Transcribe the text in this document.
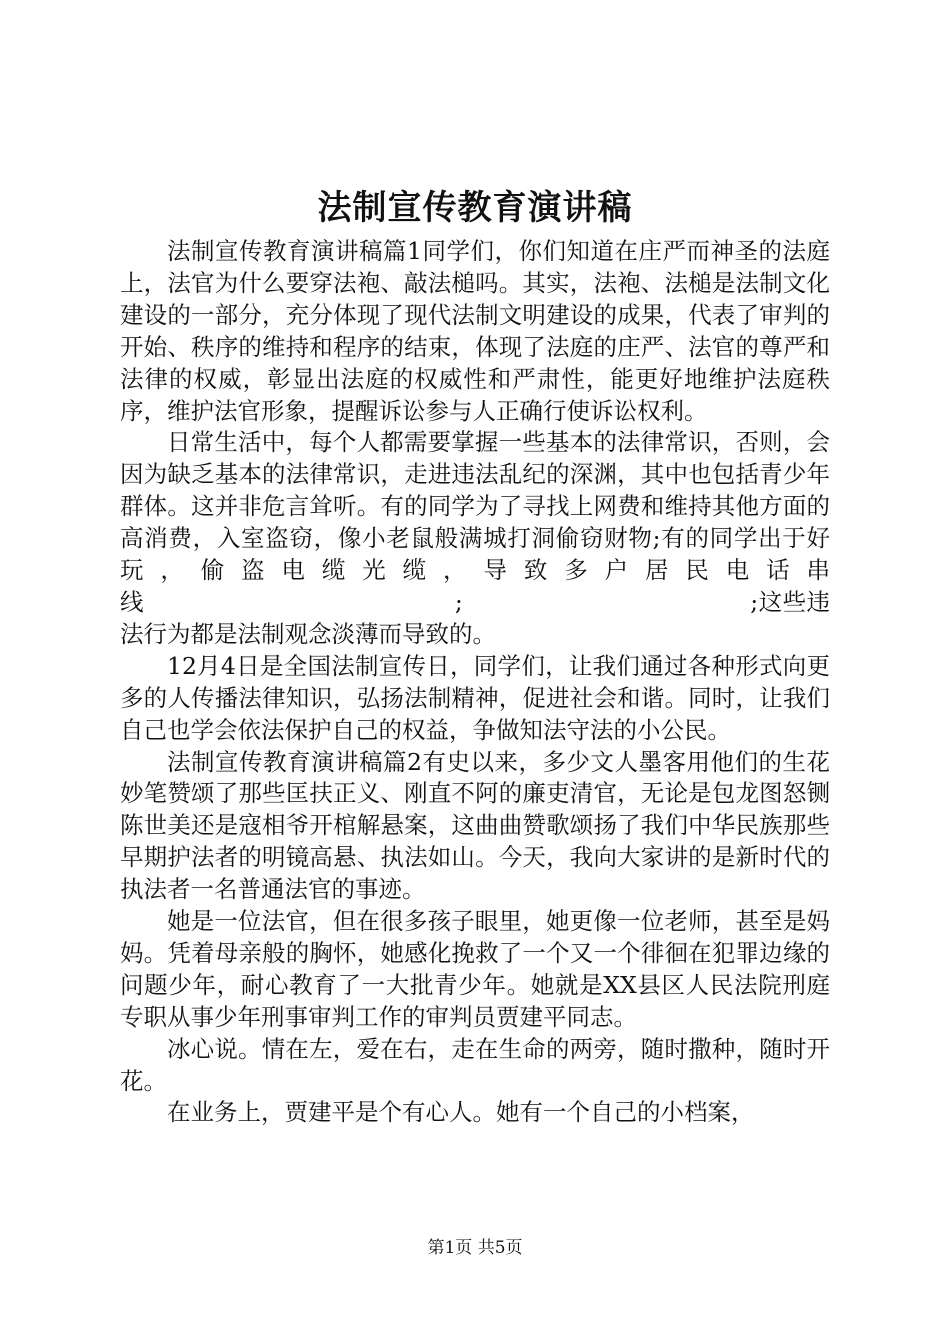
法制宣传教育演讲稿

法制宣传教育演讲稿篇1同学们，你们知道在庄严而神圣的法庭上，法官为什么要穿法袍、敲法槌吗。其实，法袍、法槌是法制文化建设的一部分，充分体现了现代法制文明建设的成果，代表了审判的开始、秩序的维持和程序的结束，体现了法庭的庄严、法官的尊严和法律的权威，彰显出法庭的权威性和严肃性，能更好地维护法庭秩序，维护法官形象，提醒诉讼参与人正确行使诉讼权利。

日常生活中，每个人都需要掌握一些基本的法律常识，否则，会因为缺乏基本的法律常识，走进违法乱纪的深渊，其中也包括青少年群体。这并非危言耸听。有的同学为了寻找上网费和维持其他方面的高消费，入室盗窃，像小老鼠般满城打洞偷窃财物;有的同学出于好玩，偷盗电缆光缆，导致多户居民电话串线　　　　　　　　　　　　　;　　　　　　　　　　　　;这些违法行为都是法制观念淡薄而导致的。

12月4日是全国法制宣传日，同学们，让我们通过各种形式向更多的人传播法律知识，弘扬法制精神，促进社会和谐。同时，让我们自己也学会依法保护自己的权益，争做知法守法的小公民。

法制宣传教育演讲稿篇2有史以来，多少文人墨客用他们的生花妙笔赞颂了那些匡扶正义、刚直不阿的廉吏清官，无论是包龙图怒铡陈世美还是寇相爷开棺解悬案，这曲曲赞歌颂扬了我们中华民族那些早期护法者的明镜高悬、执法如山。今天，我向大家讲的是新时代的执法者一名普通法官的事迹。

她是一位法官，但在很多孩子眼里，她更像一位老师，甚至是妈妈。凭着母亲般的胸怀，她感化挽救了一个又一个徘徊在犯罪边缘的问题少年，耐心教育了一大批青少年。她就是XX县区人民法院刑庭专职从事少年刑事审判工作的审判员贾建平同志。

冰心说。情在左，爱在右，走在生命的两旁，随时撒种，随时开花。

在业务上，贾建平是个有心人。她有一个自己的小档案，

第1页 共5页
